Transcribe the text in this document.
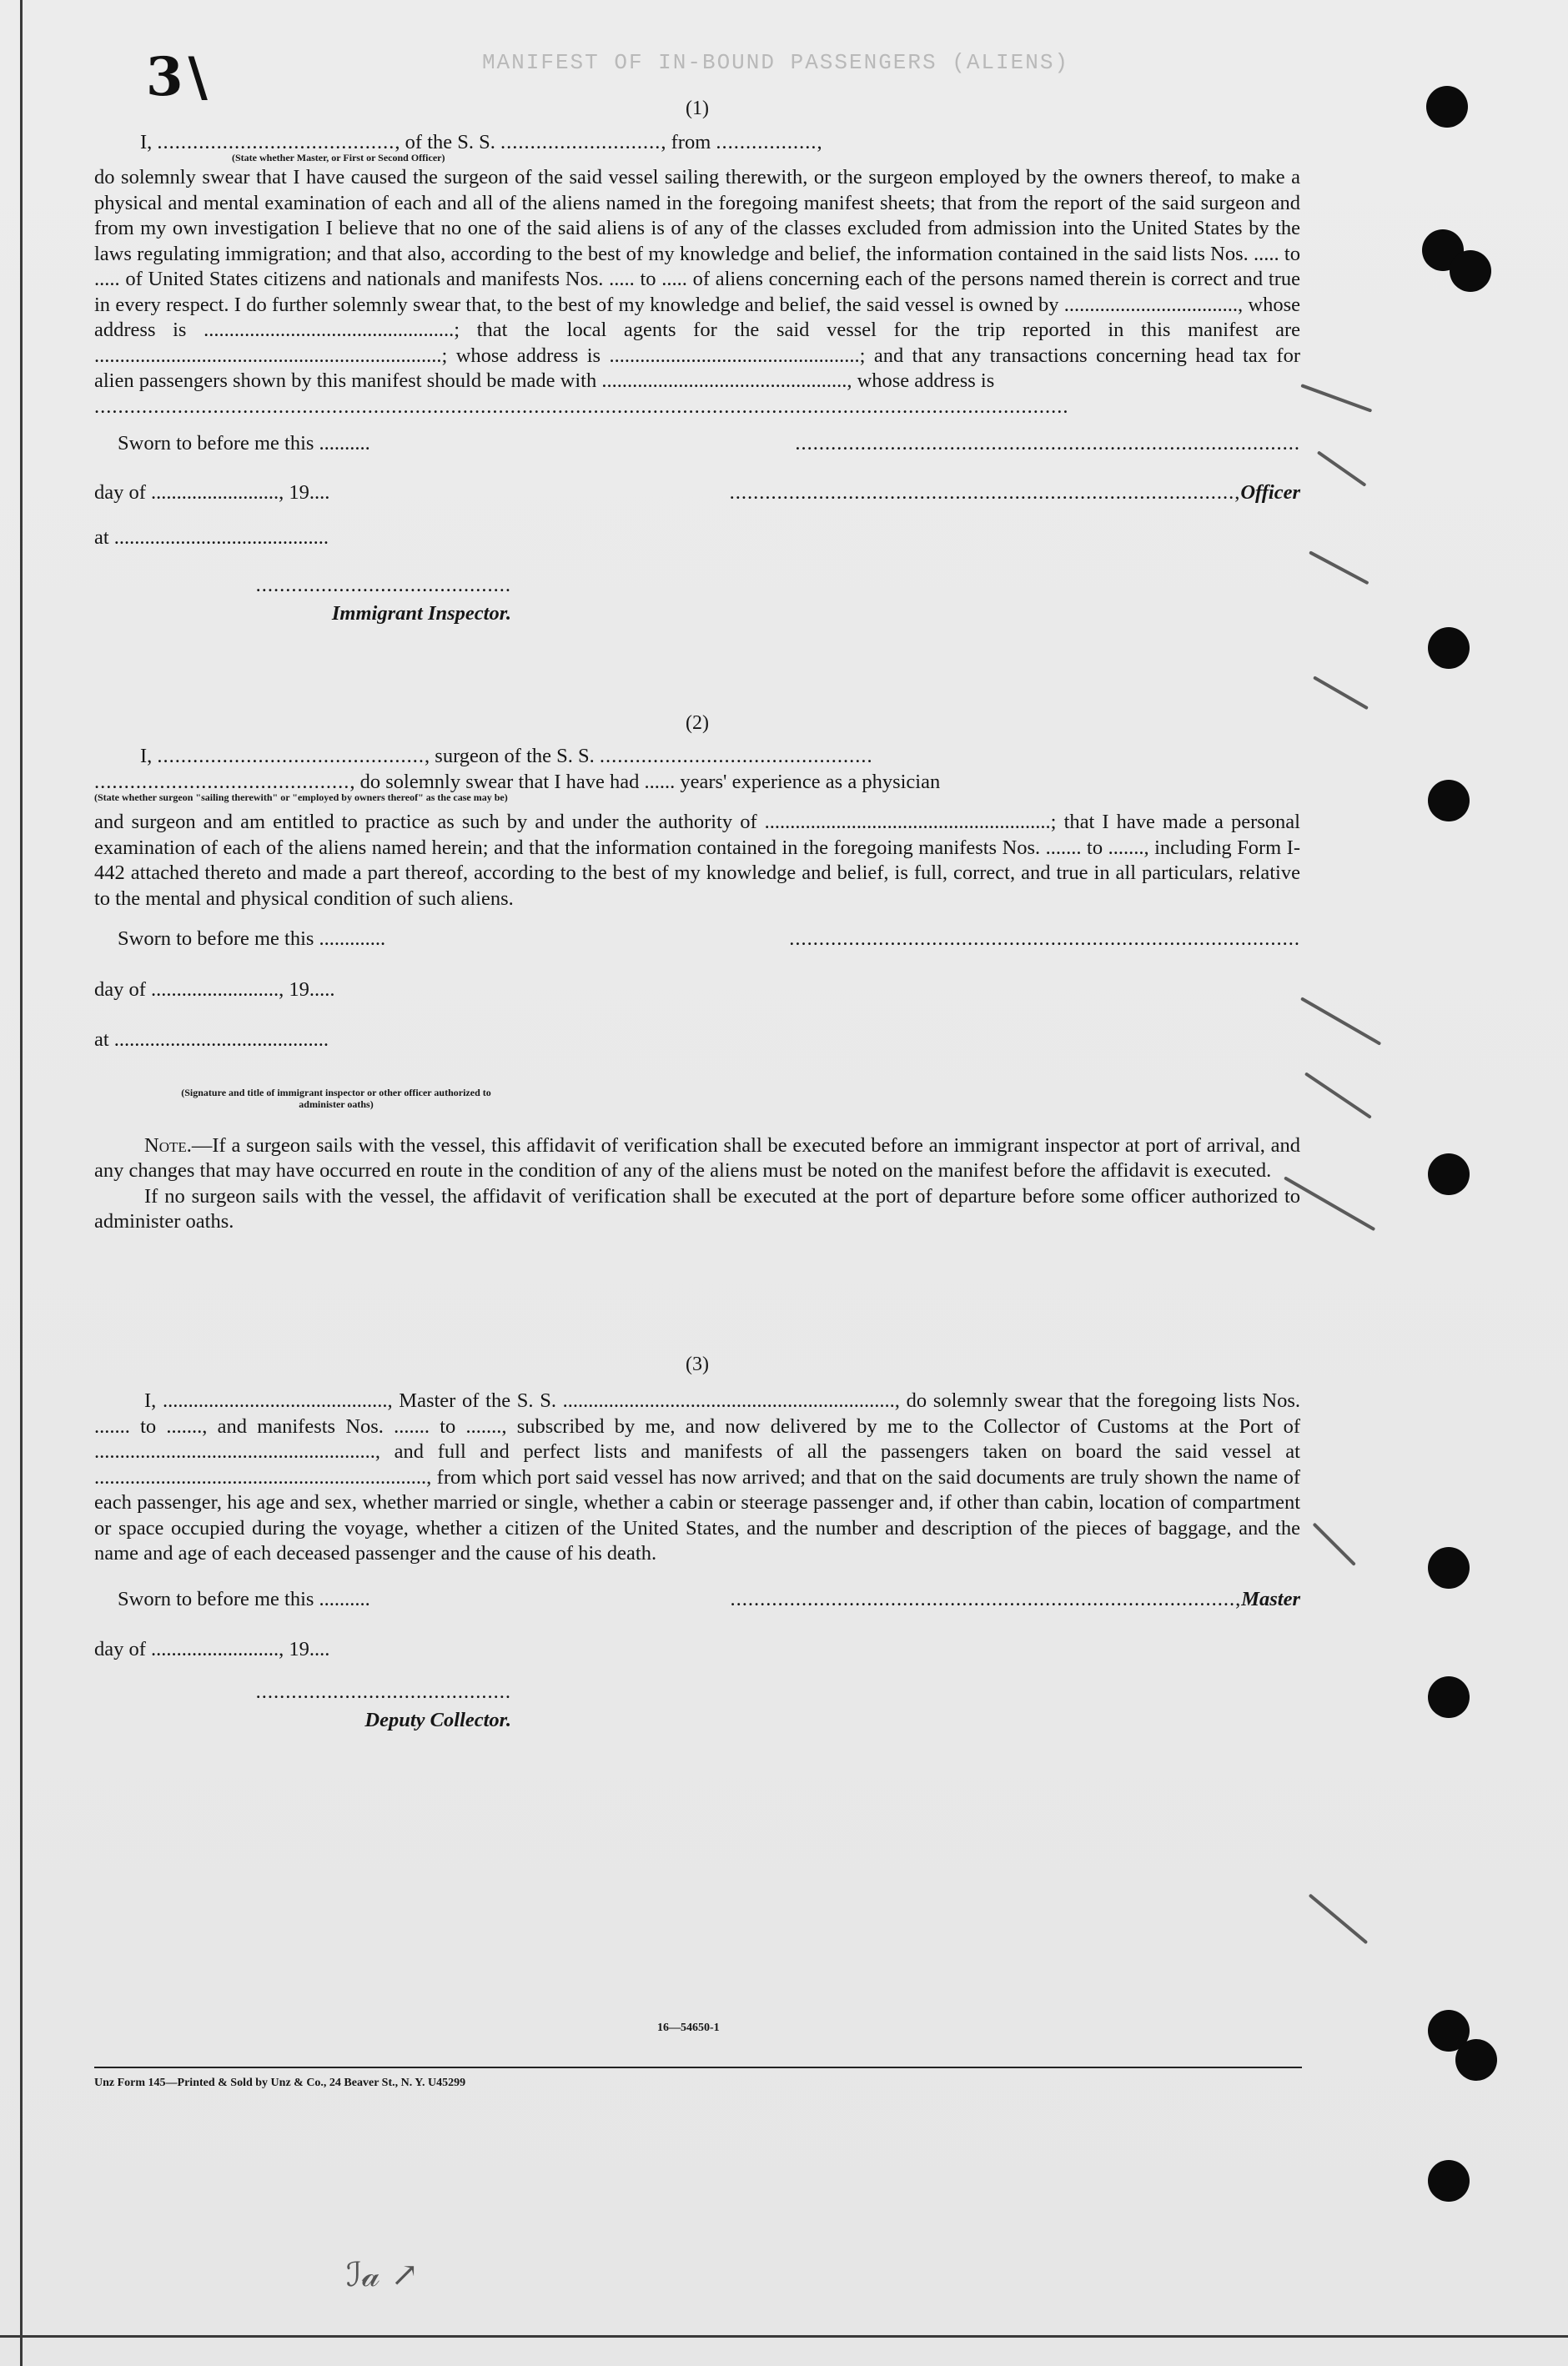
ℐ𝒶 ↗
3\	MANIFEST OF IN-BOUND PASSENGERS (ALIENS)

(1)

I, ........................................, of the S. S. ..........................., from .................,

(State whether Master, or First or Second Officer)

do solemnly swear that I have caused the surgeon of the said vessel sailing therewith, or the surgeon employed by the owners thereof, to make a physical and mental examination of each and all of the aliens named in the foregoing manifest sheets; that from the report of the said surgeon and from my own investigation I believe that no one of the said aliens is of any of the classes excluded from admission into the United States by the laws regulating immigration; and that also, according to the best of my knowledge and belief, the information contained in the said lists Nos. ..... to ..... of United States citizens and nationals and manifests Nos. ..... to ..... of aliens concerning each of the persons named therein is correct and true in every respect. I do further solemnly swear that, to the best of my knowledge and belief, the said vessel is owned by .................................., whose address is .................................................; that the local agents for the said vessel for the trip reported in this manifest are ....................................................................; whose address is .................................................; and that any transactions concerning head tax for alien passengers shown by this manifest should be made with ................................................, whose address is

....................................................................................................................................................................

Sworn to before me this ..........	.....................................................................................
day of ........................., 19....	.....................................................................................,Officer
at ..........................................
...........................................
Immigrant Inspector.

(2)

I, ............................................., surgeon of the S. S. ..............................................

..........................................., do solemnly swear that I have had ...... years' experience as a physician

(State whether surgeon "sailing therewith" or "employed by owners thereof" as the case may be)

and surgeon and am entitled to practice as such by and under the authority of ........................................................; that I have made a personal examination of each of the aliens named herein; and that the information contained in the foregoing manifests Nos. ....... to ......., including Form I-442 attached thereto and made a part thereof, according to the best of my knowledge and belief, is full, correct, and true in all particulars, relative to the mental and physical condition of such aliens.

Sworn to before me this .............	......................................................................................
day of ........................., 19.....
at ..........................................
(Signature and title of immigrant inspector or other officer authorized to administer oaths)

Note.—If a surgeon sails with the vessel, this affidavit of verification shall be executed before an immigrant inspector at port of arrival, and any changes that may have occurred en route in the condition of any of the aliens must be noted on the manifest before the affidavit is executed.

If no surgeon sails with the vessel, the affidavit of verification shall be executed at the port of departure before some officer authorized to administer oaths.

(3)

I, ............................................, Master of the S. S. ................................................................., do solemnly swear that the foregoing lists Nos. ....... to ......., and manifests Nos. ....... to ......., subscribed by me, and now delivered by me to the Collector of Customs at the Port of ......................................................., and full and perfect lists and manifests of all the passengers taken on board the said vessel at ................................................................., from which port said vessel has now arrived; and that on the said documents are truly shown the name of each passenger, his age and sex, whether married or single, whether a cabin or steerage passenger and, if other than cabin, location of compartment or space occupied during the voyage, whether a citizen of the United States, and the number and description of the pieces of baggage, and the name and age of each deceased passenger and the cause of his death.

Sworn to before me this ..........	.....................................................................................,Master
day of ........................., 19....
...........................................
Deputy Collector.
16—54650-1
Unz Form 145—Printed & Sold by Unz & Co., 24 Beaver St., N. Y. U45299
